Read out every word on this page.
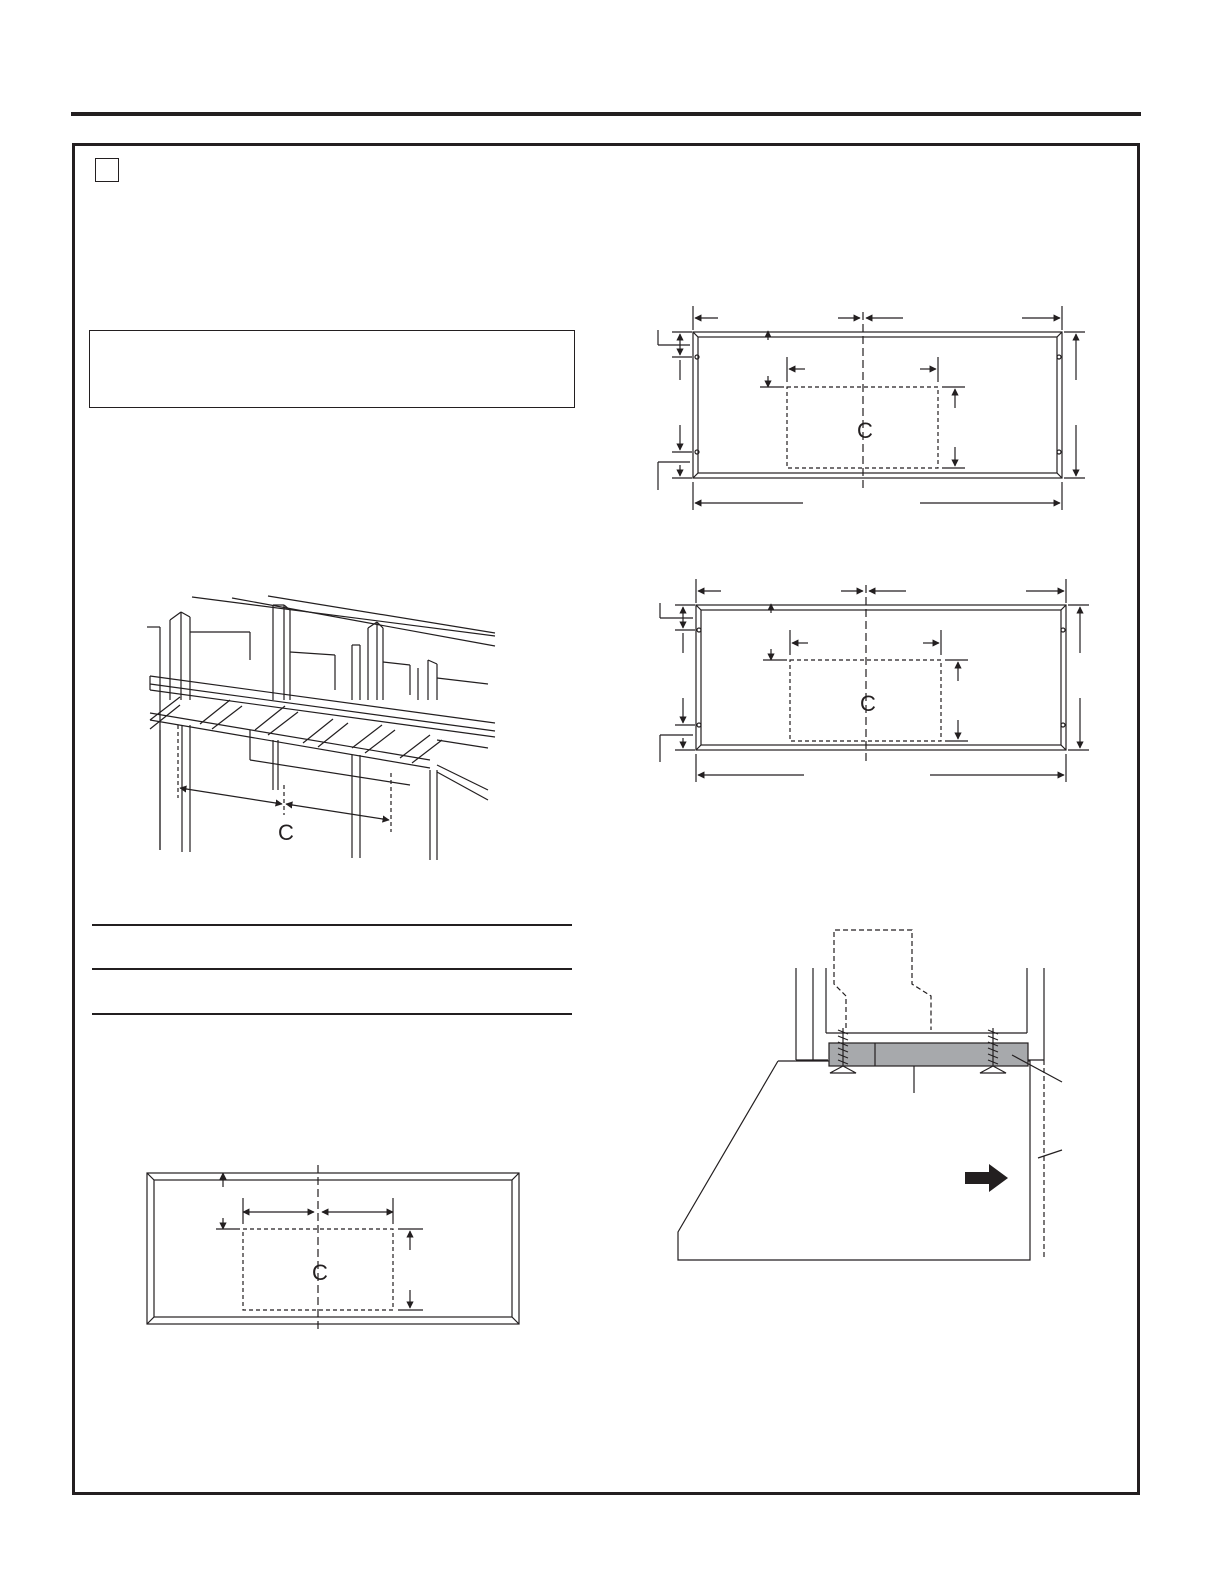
C
C
C
C
